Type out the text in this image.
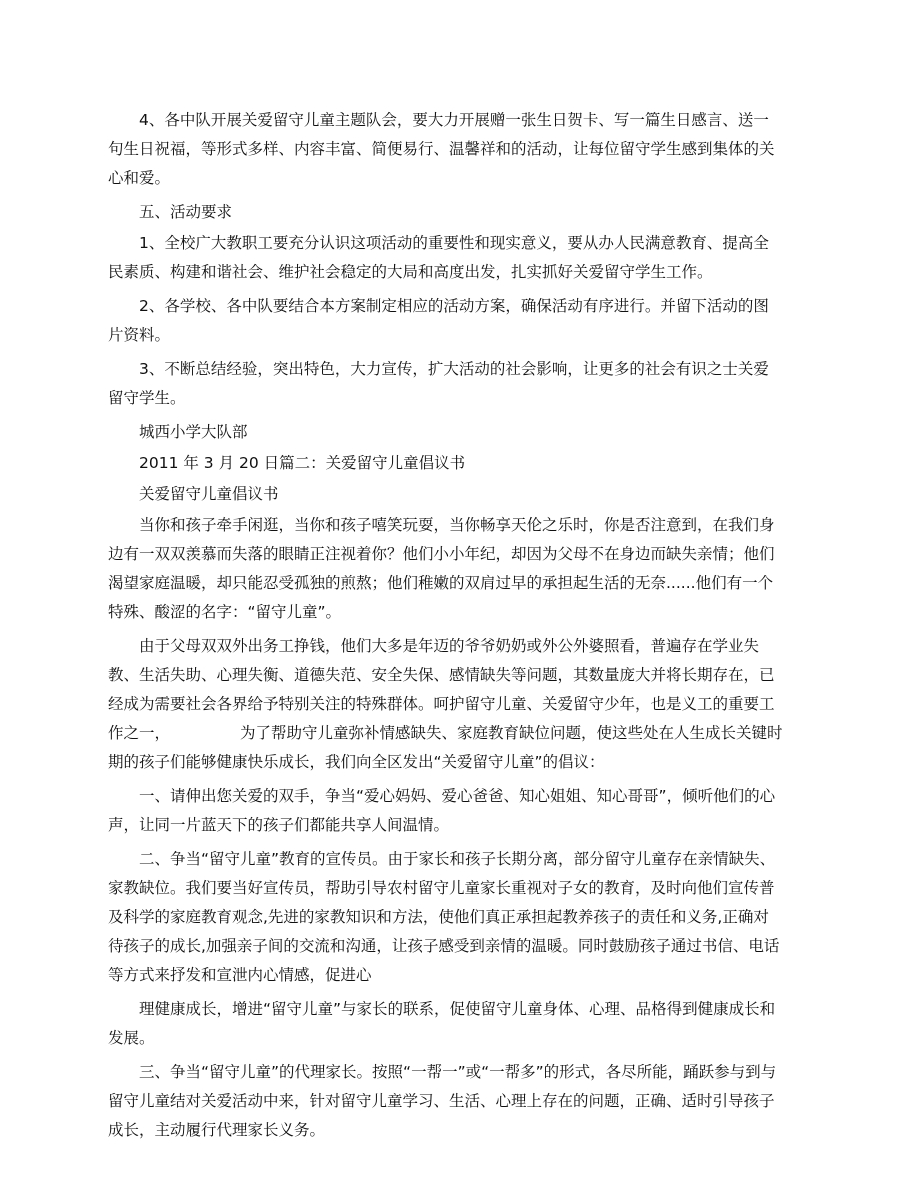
4、各中队开展关爱留守儿童主题队会，要大力开展赠一张生日贺卡、写一篇生日感言、送一句生日祝福，等形式多样、内容丰富、简便易行、温馨祥和的活动，让每位留守学生感到集体的关心和爱。

五、活动要求

1、全校广大教职工要充分认识这项活动的重要性和现实意义，要从办人民满意教育、提高全民素质、构建和谐社会、维护社会稳定的大局和高度出发，扎实抓好关爱留守学生工作。

2、各学校、各中队要结合本方案制定相应的活动方案，确保活动有序进行。并留下活动的图片资料。

3、不断总结经验，突出特色，大力宣传，扩大活动的社会影响，让更多的社会有识之士关爱留守学生。

城西小学大队部

2011 年 3 月 20 日篇二：关爱留守儿童倡议书

关爱留守儿童倡议书

当你和孩子牵手闲逛，当你和孩子嘻笑玩耍，当你畅享天伦之乐时，你是否注意到，在我们身边有一双双羡慕而失落的眼睛正注视着你？他们小小年纪，却因为父母不在身边而缺失亲情；他们渴望家庭温暖，却只能忍受孤独的煎熬；他们稚嫩的双肩过早的承担起生活的无奈......他们有一个特殊、酸涩的名字：“留守儿童”。

由于父母双双外出务工挣钱，他们大多是年迈的爷爷奶奶或外公外婆照看，普遍存在学业失教、生活失助、心理失衡、道德失范、安全失保、感情缺失等问题，其数量庞大并将长期存在，已经成为需要社会各界给予特别关注的特殊群体。呵护留守儿童、关爱留守少年，也是义工的重要工作之一，	为了帮助守儿童弥补情感缺失、家庭教育缺位问题，使这些处在人生成长关键时期的孩子们能够健康快乐成长，我们向全区发出“关爱留守儿童”的倡议：

一、请伸出您关爱的双手，争当“爱心妈妈、爱心爸爸、知心姐姐、知心哥哥”，倾听他们的心声，让同一片蓝天下的孩子们都能共享人间温情。

二、争当“留守儿童”教育的宣传员。由于家长和孩子长期分离，部分留守儿童存在亲情缺失、家教缺位。我们要当好宣传员，帮助引导农村留守儿童家长重视对子女的教育，及时向他们宣传普及科学的家庭教育观念,先进的家教知识和方法，使他们真正承担起教养孩子的责任和义务,正确对待孩子的成长,加强亲子间的交流和沟通，让孩子感受到亲情的温暖。同时鼓励孩子通过书信、电话等方式来抒发和宣泄内心情感，促进心

理健康成长，增进“留守儿童”与家长的联系，促使留守儿童身体、心理、品格得到健康成长和发展。

三、争当“留守儿童”的代理家长。按照“一帮一”或“一帮多”的形式，各尽所能，踊跃参与到与留守儿童结对关爱活动中来，针对留守儿童学习、生活、心理上存在的问题，正确、适时引导孩子成长，主动履行代理家长义务。
